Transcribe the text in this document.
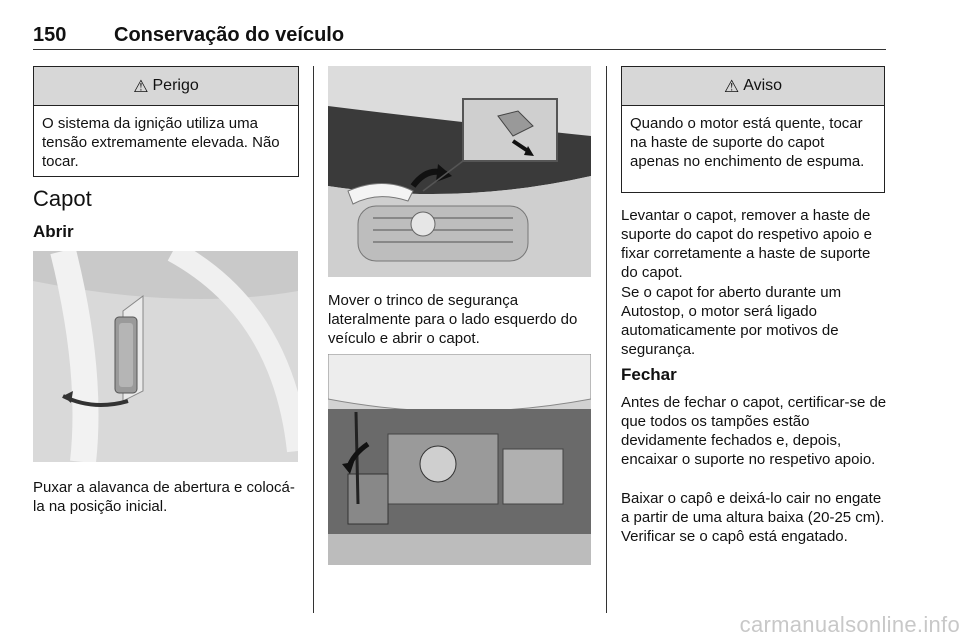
150 Conservação do veículo
⚠ Perigo
O sistema da ignição utiliza uma tensão extremamente elevada. Não tocar.
Capot
Abrir
Puxar a alavanca de abertura e colocá-la na posição inicial.
Mover o trinco de segurança lateralmente para o lado esquerdo do veículo e abrir o capot.
⚠ Aviso
Quando o motor está quente, tocar na haste de suporte do capot apenas no enchimento de espuma.
Levantar o capot, remover a haste de suporte do capot do respetivo apoio e fixar corretamente a haste de suporte do capot.
Se o capot for aberto durante um Autostop, o motor será ligado automaticamente por motivos de segurança.
Fechar
Antes de fechar o capot, certificar-se de que todos os tampões estão devidamente fechados e, depois, encaixar o suporte no respetivo apoio.
Baixar o capô e deixá-lo cair no engate a partir de uma altura baixa (20-25 cm). Verificar se o capô está engatado.
carmanualsonline.info
